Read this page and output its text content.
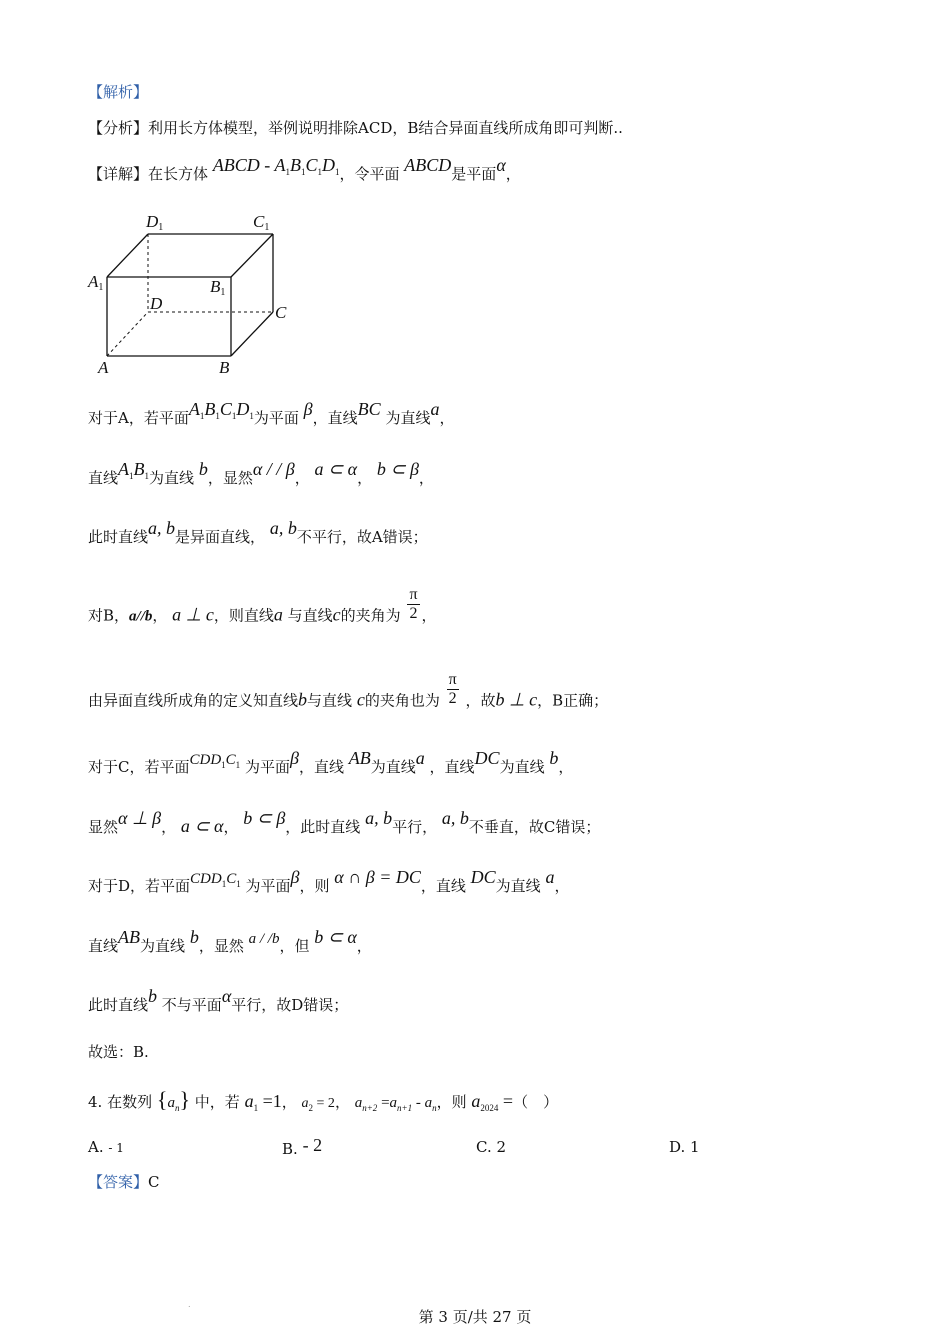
【解析】
【分析】利用长方体模型，举例说明排除ACD，B结合异面直线所成角即可判断..
【详解】在长方体 ABCD - $A_1B_1C_1D_1$，令平面 ABCD是平面α，
D1	C1
A1	B1
D	C
A	B
对于A，若平面$A_1B_1C_1D_1$为平面 β，直线BC 为直线a，
直线$A_1B_1$为直线 b，显然α / / β， a ⊂ α， b ⊂ β，
此时直线a, b是异面直线， a, b不平行，故A错误；
对B，a//b， a ⊥ c，则直线a 与直线c的夹角为 $\frac{\pi}{2}$ ，
由异面直线所成角的定义知直线b与直线 c的夹角也为 $\frac{\pi}{2}$ ，故b ⊥ c，B正确；
对于C，若平面$CDD_1C_1$ 为平面β，直线 AB为直线a ，直线DC为直线 b，
显然α ⊥ β， a ⊂ α， b ⊂ β，此时直线 a, b平行， a, b不垂直，故C错误；
对于D，若平面$CDD_1C_1$ 为平面β，则 α ∩ β = DC，直线 DC为直线 a，
直线AB为直线 b，显然 a / /b，但 b ⊂ α，
此时直线b 不与平面α平行，故D错误；
故选：B.
4. 在数列 $\{a_n\}$ 中，若 $a_1 =1$， $a_2 = 2$， $a_{n+2} =a_{n+1} - a_n$，则 $a_{2024}$ =（　）
A. - 1	B. - 2	C. 2	D. 1
【答案】C
.
第 3 页/共 27 页
